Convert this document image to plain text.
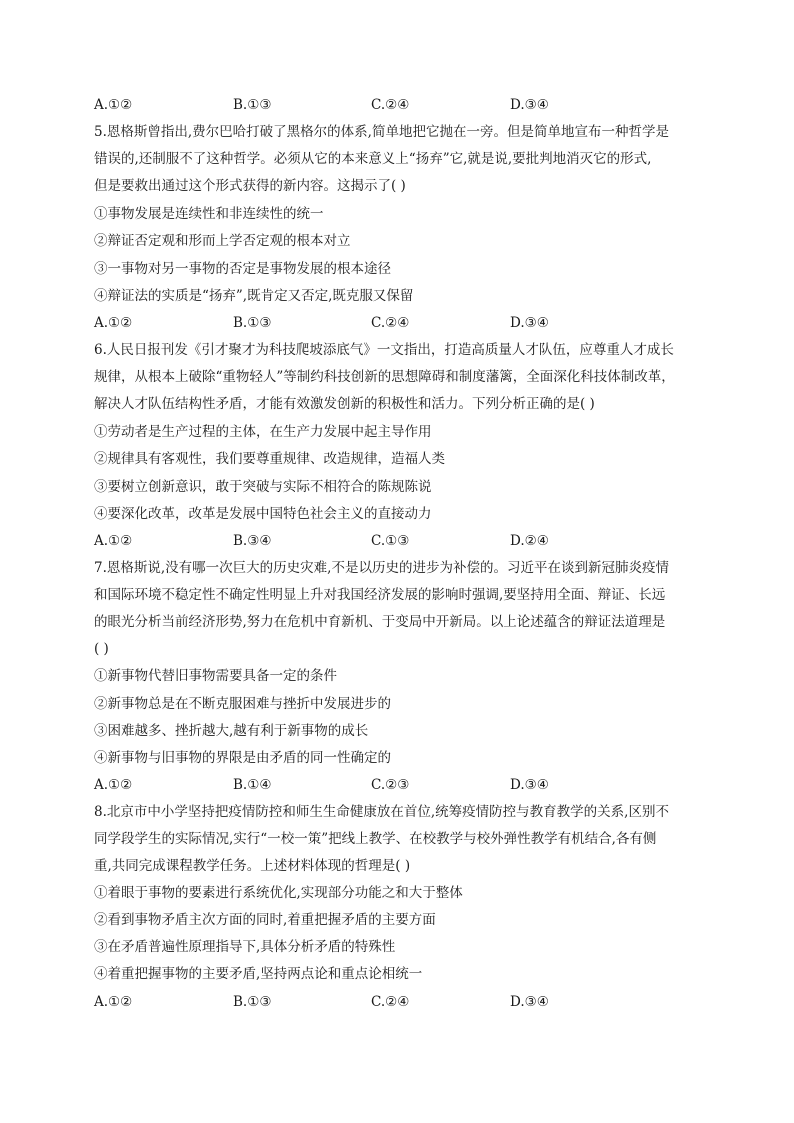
A.①②	B.①③	C.②④	D.③④
5.恩格斯曾指出,费尔巴哈打破了黑格尔的体系,简单地把它抛在一旁。但是简单地宣布一种哲学是
错误的,还制服不了这种哲学。必须从它的本来意义上“扬弃”它,就是说,要批判地消灭它的形式,
但是要救出通过这个形式获得的新内容。这揭示了( )
①事物发展是连续性和非连续性的统一
②辩证否定观和形而上学否定观的根本对立
③一事物对另一事物的否定是事物发展的根本途径
④辩证法的实质是“扬弃”,既肯定又否定,既克服又保留
A.①②	B.①③	C.②④	D.③④
6.人民日报刊发《引才聚才为科技爬坡添底气》一文指出，打造高质量人才队伍，应尊重人才成长
规律，从根本上破除“重物轻人”等制约科技创新的思想障碍和制度藩篱，全面深化科技体制改革，
解决人才队伍结构性矛盾，才能有效激发创新的积极性和活力。下列分析正确的是( )
①劳动者是生产过程的主体，在生产力发展中起主导作用
②规律具有客观性，我们要尊重规律、改造规律，造福人类
③要树立创新意识，敢于突破与实际不相符合的陈规陈说
④要深化改革，改革是发展中国特色社会主义的直接动力
A.①②	B.③④	C.①③	D.②④
7.恩格斯说,没有哪一次巨大的历史灾难,不是以历史的进步为补偿的。习近平在谈到新冠肺炎疫情
和国际环境不稳定性不确定性明显上升对我国经济发展的影响时强调,要坚持用全面、辩证、长远
的眼光分析当前经济形势,努力在危机中育新机、于变局中开新局。以上论述蕴含的辩证法道理是
( )
①新事物代替旧事物需要具备一定的条件
②新事物总是在不断克服困难与挫折中发展进步的
③困难越多、挫折越大,越有利于新事物的成长
④新事物与旧事物的界限是由矛盾的同一性确定的
A.①②	B.①④	C.②③	D.③④
8.北京市中小学坚持把疫情防控和师生生命健康放在首位,统筹疫情防控与教育教学的关系,区别不
同学段学生的实际情况,实行“一校一策”把线上教学、在校教学与校外弹性教学有机结合,各有侧
重,共同完成课程教学任务。上述材料体现的哲理是( )
①着眼于事物的要素进行系统优化,实现部分功能之和大于整体
②看到事物矛盾主次方面的同时,着重把握矛盾的主要方面
③在矛盾普遍性原理指导下,具体分析矛盾的特殊性
④着重把握事物的主要矛盾,坚持两点论和重点论相统一
A.①②	B.①③	C.②④	D.③④
